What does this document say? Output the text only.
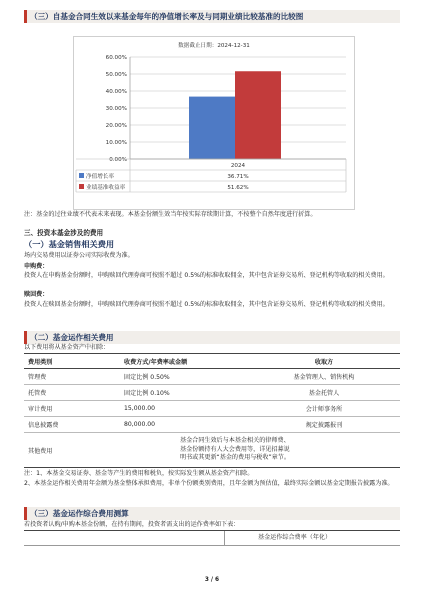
（三）自基金合同生效以来基金每年的净值增长率及与同期业绩比较基准的比较图
数据截止日期：2024-12-31
60.00%
50.00%
40.00%
30.00%
20.00%
10.00%
0.00%
2024
净值增长率	36.71%
业绩基准收益率	51.62%
注：基金的过往业绩不代表未来表现。本基金份额生效当年按实际存续期计算，不按整个自然年度进行折算。
三、投资本基金涉及的费用
（一）基金销售相关费用
场内交易费用以证券公司实际收费为准。
申购费：
投资人在申购基金份额时，申购赎回代理券商可按照不超过 0.5%的标准收取佣金，其中包含证券交易所、登记机构等收取的相关费用。
赎回费：
投资人在赎回基金份额时，申购赎回代理券商可按照不超过 0.5%的标准收取佣金，其中包含证券交易所、登记机构等收取的相关费用。
（二）基金运作相关费用
以下费用将从基金资产中扣除：
费用类别	收费方式/年费率或金额	收取方
管理费	固定比例 0.50%	基金管理人、销售机构
托管费	固定比例 0.10%	基金托管人
审计费用	15,000.00	会计师事务所
信息披露费	80,000.00	规定披露报刊
其他费用	基金合同生效后与本基金相关的律师费、基金份额持有人大会费用等，详见招募说明书或其更新“基金的费用与税收”章节。	
注：1、本基金交易证券、基金等产生的费用和税负，按实际发生额从基金资产扣除。
2、本基金运作相关费用年金额为基金整体承担费用，非单个份额类别费用，且年金额为预估值，最终实际金额以基金定期报告披露为准。
（三）基金运作综合费用测算
若投资者认购/申购本基金份额，在持有期间，投资者需支出的运作费率如下表：
基金运作综合费率（年化）
3 / 6
